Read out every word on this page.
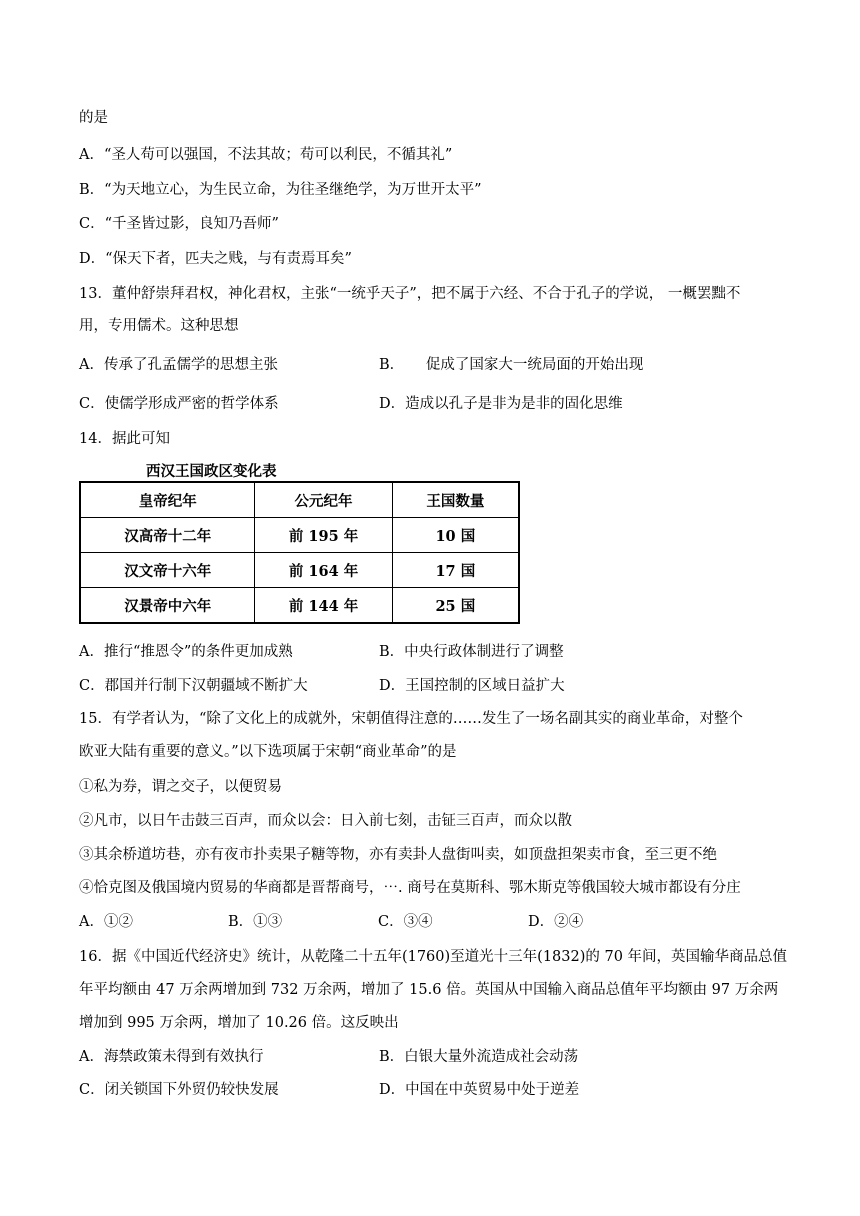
的是
A．“圣人苟可以强国，不法其故；苟可以利民，不循其礼”
B．“为天地立心，为生民立命，为往圣继绝学，为万世开太平”
C．“千圣皆过影，良知乃吾师”
D．“保天下者，匹夫之贱，与有责焉耳矣”
13．董仲舒崇拜君权，神化君权，主张“一统乎天子”，把不属于六经、不合于孔子的学说， 一概罢黜不
用，专用儒术。这种思想
A．传承了孔孟儒学的思想主张	B．　　促成了国家大一统局面的开始出现
C．使儒学形成严密的哲学体系	D．造成以孔子是非为是非的固化思维
14．据此可知
西汉王国政区变化表
皇帝纪年	公元纪年	王国数量
汉高帝十二年	前 195 年	10 国
汉文帝十六年	前 164 年	17 国
汉景帝中六年	前 144 年	25 国
A．推行“推恩令”的条件更加成熟	B．中央行政体制进行了调整
C．郡国并行制下汉朝疆域不断扩大	D．王国控制的区域日益扩大
15．有学者认为，“除了文化上的成就外，宋朝值得注意的……发生了一场名副其实的商业革命，对整个
欧亚大陆有重要的意义。”以下选项属于宋朝“商业革命”的是
①私为券，谓之交子，以便贸易
②凡市，以日午击鼓三百声，而众以会：日入前七刻，击钲三百声，而众以散
③其余桥道坊巷，亦有夜市扑卖果子糖等物，亦有卖卦人盘街叫卖，如顶盘担架卖市食，至三更不绝
④恰克图及俄国境内贸易的华商都是晋帮商号，⋯. 商号在莫斯科、鄂木斯克等俄国较大城市都设有分庄
A．①②	B．①③	C．③④	D．②④
16．据《中国近代经济史》统计，从乾隆二十五年(1760)至道光十三年(1832)的 70 年间，英国输华商品总值
年平均额由 47 万余两增加到 732 万余两，增加了 15.6 倍。英国从中国输入商品总值年平均额由 97 万余两
增加到 995 万余两，增加了 10.26 倍。这反映出
A．海禁政策未得到有效执行	B．白银大量外流造成社会动荡
C．闭关锁国下外贸仍较快发展	D．中国在中英贸易中处于逆差
